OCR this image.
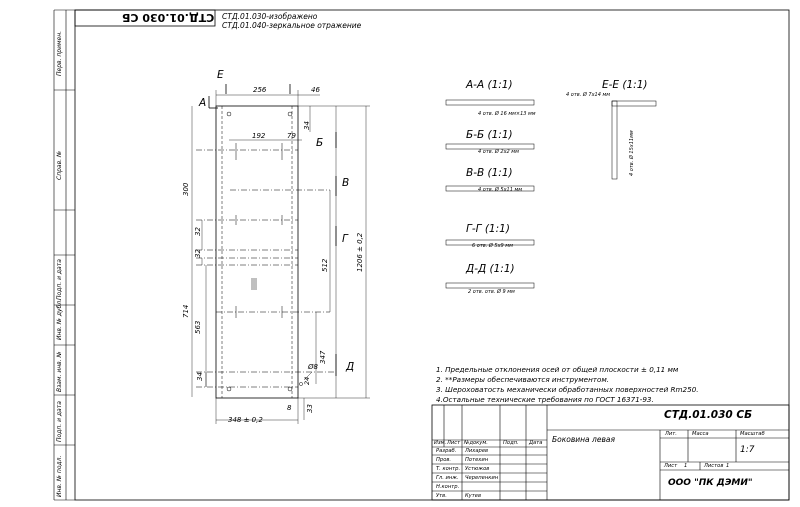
СТД.01.030 СБ СТД.01.030-изображено
СТД.01.040-зеркальное отражение
Перв. примен.
Справ. №
Подп. и дата
Инв. № дубл.
Взам. инв. №
Подп. и дата
Инв. № подл.
Е
А
Б
В
Г
Д
256	46
192	79
34
300
32
32
512	1206 ± 0,2
714
563
34
347
Ø8
24
8 33
348 ± 0,2
А-А (1:1)
4 отв. Ø 16 мм×13 мм
Б-Б (1:1)
4 отв. Ø 2х2 мм
В-В (1:1)
4 отв. Ø 5х11 мм
Г-Г (1:1)
6 отв. Ø 5х9 мм
Д-Д (1:1)
2 отв. отв. Ø 9 мм
Е-Е (1:1)
4 отв. Ø 7х14 мм
4 отв. Ø 15х11мм
1. Предельные отклонения осей от общей плоскости ± 0,11 мм
2. **Размеры обеспечиваются инструментом.
3. Шероховатость механически обработанных поверхностей Rm250.
4.Остальные технические требования по ГОСТ 16371-93.
СТД.01.030 СБ
Боковина левая
Изм. Лист №докум.	Подп. Дата
Разраб. Лихарев
Пров.	Потехин
Т. контр. Устюжов
Гл. инж. Черепенкин
Н.контр.
Утв.	Кутев
Лит.	Масса	Масштаб
1:7
Лист 1	Листов 1
ООО "ПК ДЭМИ"
